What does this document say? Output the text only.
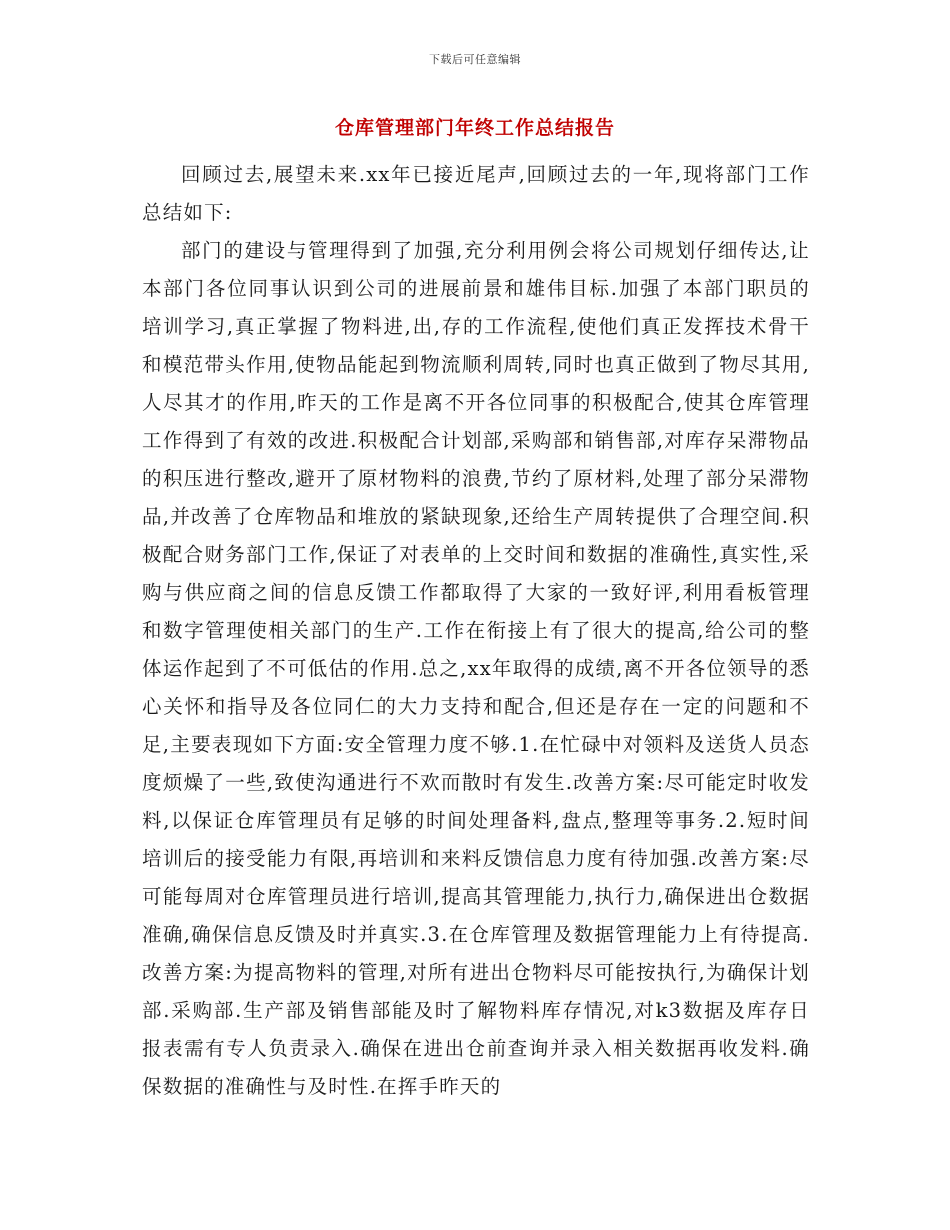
下载后可任意编辑
仓库管理部门年终工作总结报告

回顾过去,展望未来.xx年已接近尾声,回顾过去的一年,现将部门工作总结如下:

部门的建设与管理得到了加强,充分利用例会将公司规划仔细传达,让本部门各位同事认识到公司的进展前景和雄伟目标.加强了本部门职员的培训学习,真正掌握了物料进,出,存的工作流程,使他们真正发挥技术骨干和模范带头作用,使物品能起到物流顺利周转,同时也真正做到了物尽其用,人尽其才的作用,昨天的工作是离不开各位同事的积极配合,使其仓库管理工作得到了有效的改进.积极配合计划部,采购部和销售部,对库存呆滞物品的积压进行整改,避开了原材物料的浪费,节约了原材料,处理了部分呆滞物品,并改善了仓库物品和堆放的紧缺现象,还给生产周转提供了合理空间.积极配合财务部门工作,保证了对表单的上交时间和数据的准确性,真实性,采购与供应商之间的信息反馈工作都取得了大家的一致好评,利用看板管理和数字管理使相关部门的生产.工作在衔接上有了很大的提高,给公司的整体运作起到了不可低估的作用.总之,xx年取得的成绩,离不开各位领导的悉心关怀和指导及各位同仁的大力支持和配合,但还是存在一定的问题和不足,主要表现如下方面:安全管理力度不够.1.在忙碌中对领料及送货人员态度烦燥了一些,致使沟通进行不欢而散时有发生.改善方案:尽可能定时收发料,以保证仓库管理员有足够的时间处理备料,盘点,整理等事务.2.短时间培训后的接受能力有限,再培训和来料反馈信息力度有待加强.改善方案:尽可能每周对仓库管理员进行培训,提高其管理能力,执行力,确保进出仓数据准确,确保信息反馈及时并真实.3.在仓库管理及数据管理能力上有待提高.改善方案:为提高物料的管理,对所有进出仓物料尽可能按执行,为确保计划部.采购部.生产部及销售部能及时了解物料库存情况,对k3数据及库存日报表需有专人负责录入.确保在进出仓前查询并录入相关数据再收发料.确保数据的准确性与及时性.在挥手昨天的
